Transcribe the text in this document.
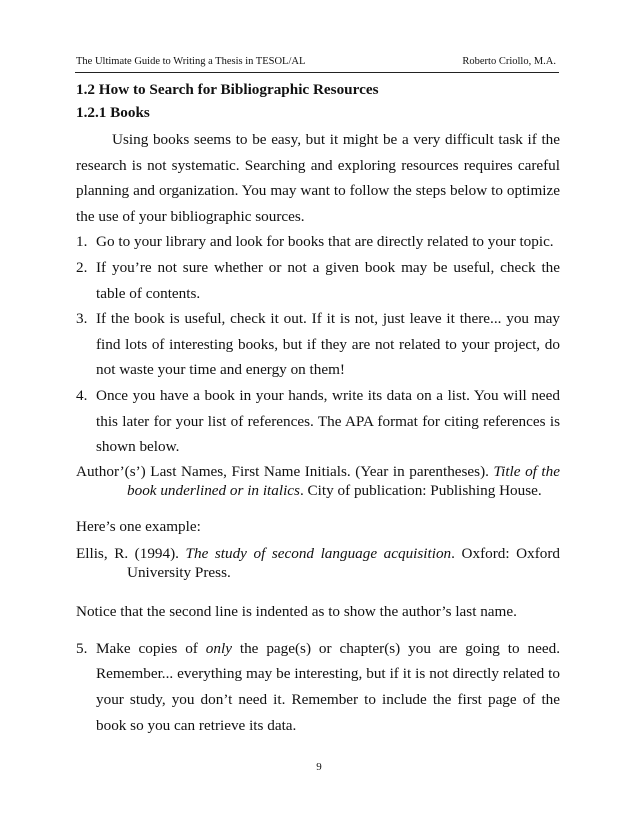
The Ultimate Guide to Writing a Thesis in TESOL/AL	Roberto Criollo, M.A.
1.2 How to Search for Bibliographic Resources
1.2.1 Books
Using books seems to be easy, but it might be a very difficult task if the research is not systematic. Searching and exploring resources requires careful planning and organization. You may want to follow the steps below to optimize the use of your bibliographic sources.
1. Go to your library and look for books that are directly related to your topic.
2. If you’re not sure whether or not a given book may be useful, check the table of contents.
3. If the book is useful, check it out. If it is not, just leave it there... you may find lots of interesting books, but if they are not related to your project, do not waste your time and energy on them!
4. Once you have a book in your hands, write its data on a list. You will need this later for your list of references. The APA format for citing references is shown below.
Author’(s’) Last Names, First Name Initials. (Year in parentheses). Title of the book underlined or in italics. City of publication: Publishing House.
Here’s one example:
Ellis, R. (1994). The study of second language acquisition. Oxford: Oxford University Press.
Notice that the second line is indented as to show the author’s last name.
5. Make copies of only the page(s) or chapter(s) you are going to need. Remember... everything may be interesting, but if it is not directly related to your study, you don’t need it. Remember to include the first page of the book so you can retrieve its data.
9
